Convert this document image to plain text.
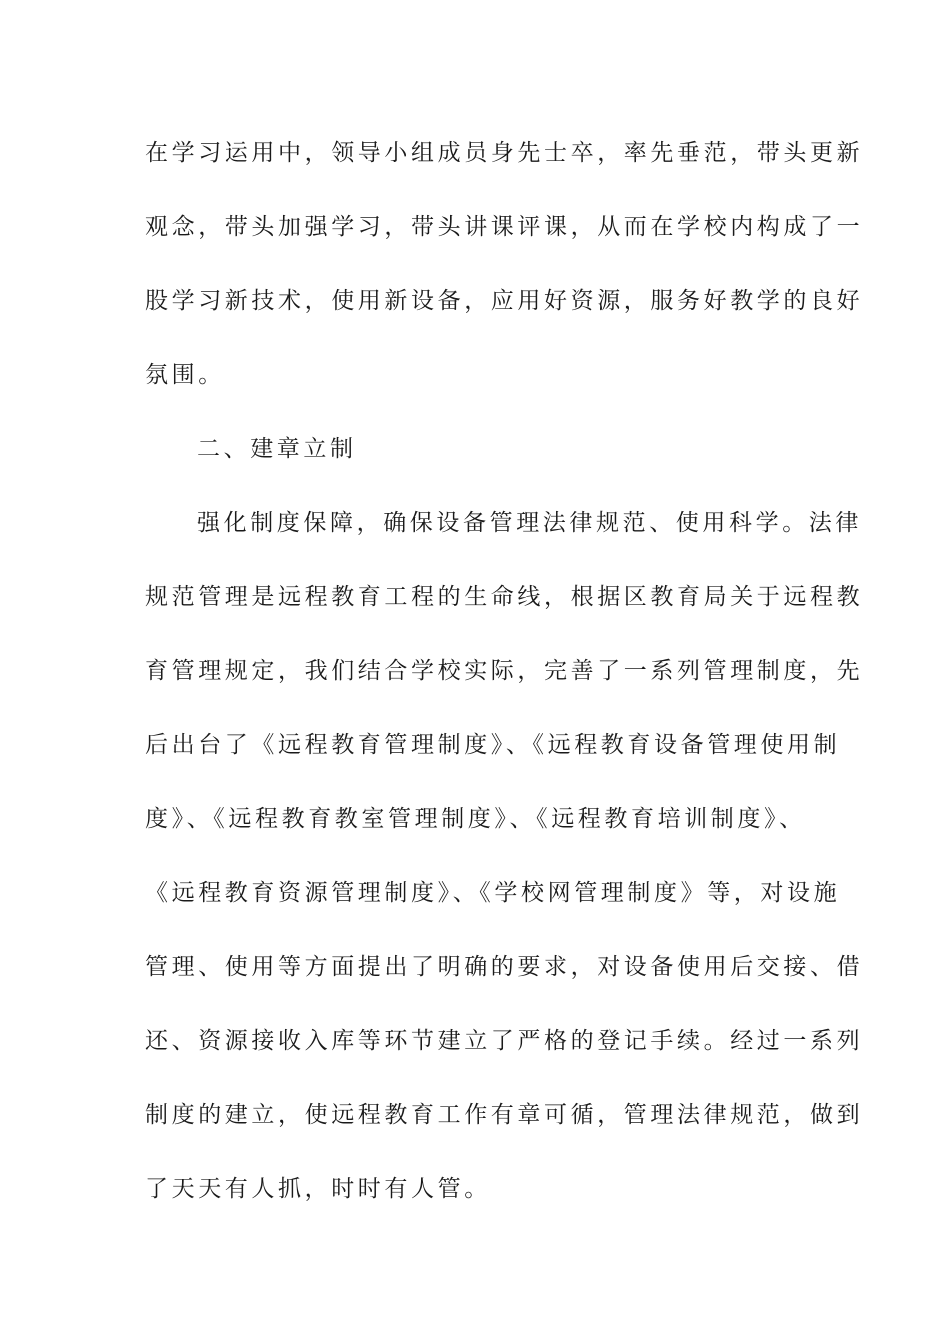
在学习运用中，领导小组成员身先士卒，率先垂范，带头更新
观念，带头加强学习，带头讲课评课，从而在学校内构成了一
股学习新技术，使用新设备，应用好资源，服务好教学的良好
氛围。
二、建章立制
强化制度保障，确保设备管理法律规范、使用科学。法律
规范管理是远程教育工程的生命线，根据区教育局关于远程教
育管理规定，我们结合学校实际，完善了一系列管理制度，先
后出台了《远程教育管理制度》、《远程教育设备管理使用制
度》、《远程教育教室管理制度》、《远程教育培训制度》、
《远程教育资源管理制度》、《学校网管理制度》等，对设施
管理、使用等方面提出了明确的要求，对设备使用后交接、借
还、资源接收入库等环节建立了严格的登记手续。经过一系列
制度的建立，使远程教育工作有章可循，管理法律规范，做到
了天天有人抓，时时有人管。
